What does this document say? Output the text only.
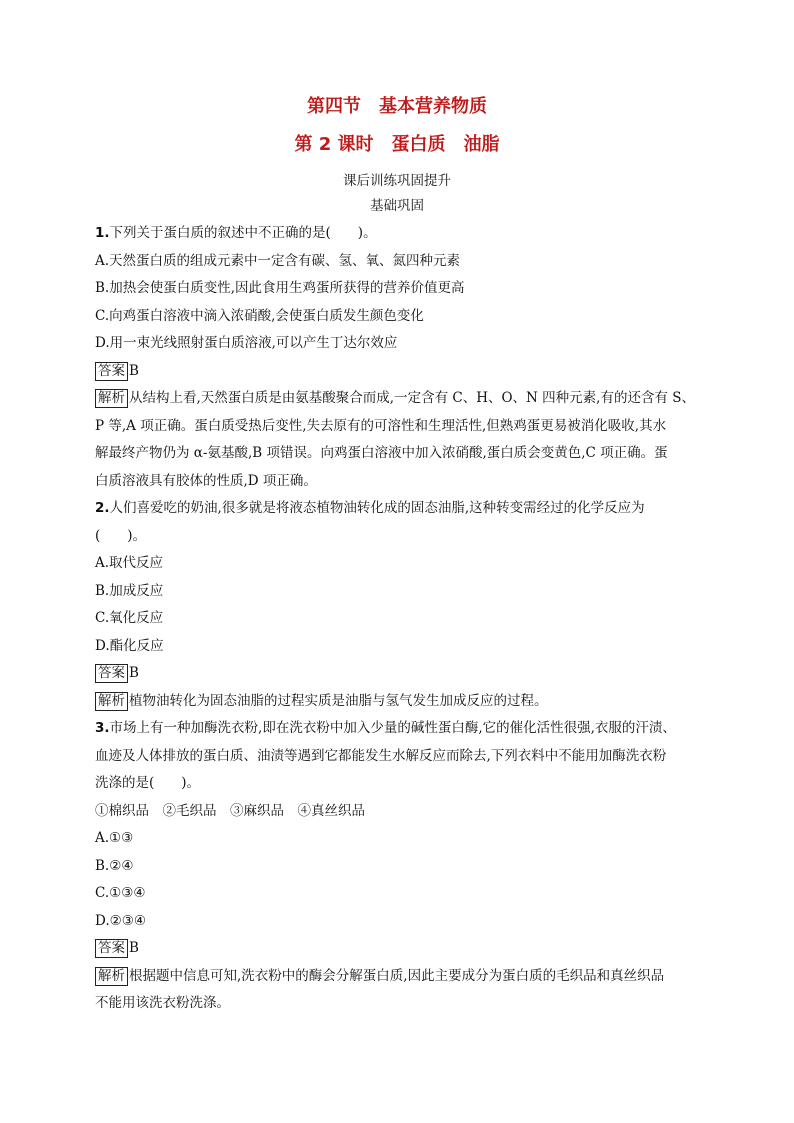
第四节　基本营养物质
第 2 课时　蛋白质　油脂
课后训练巩固提升
基础巩固
1.下列关于蛋白质的叙述中不正确的是(　　)。
A.天然蛋白质的组成元素中一定含有碳、氢、氧、氮四种元素
B.加热会使蛋白质变性,因此食用生鸡蛋所获得的营养价值更高
C.向鸡蛋白溶液中滴入浓硝酸,会使蛋白质发生颜色变化
D.用一束光线照射蛋白质溶液,可以产生丁达尔效应
答案 B
解析 从结构上看,天然蛋白质是由氨基酸聚合而成,一定含有 C、H、O、N 四种元素,有的还含有 S、
P 等,A 项正确。蛋白质受热后变性,失去原有的可溶性和生理活性,但熟鸡蛋更易被消化吸收,其水
解最终产物仍为 α-氨基酸,B 项错误。向鸡蛋白溶液中加入浓硝酸,蛋白质会变黄色,C 项正确。蛋
白质溶液具有胶体的性质,D 项正确。
2.人们喜爱吃的奶油,很多就是将液态植物油转化成的固态油脂,这种转变需经过的化学反应为
(　　)。
A.取代反应
B.加成反应
C.氧化反应
D.酯化反应
答案 B
解析 植物油转化为固态油脂的过程实质是油脂与氢气发生加成反应的过程。
3.市场上有一种加酶洗衣粉,即在洗衣粉中加入少量的碱性蛋白酶,它的催化活性很强,衣服的汗渍、
血迹及人体排放的蛋白质、油渍等遇到它都能发生水解反应而除去,下列衣料中不能用加酶洗衣粉
洗涤的是(　　)。
①棉织品　②毛织品　③麻织品　④真丝织品
A.①③
B.②④
C.①③④
D.②③④
答案 B
解析 根据题中信息可知,洗衣粉中的酶会分解蛋白质,因此主要成分为蛋白质的毛织品和真丝织品
不能用该洗衣粉洗涤。
